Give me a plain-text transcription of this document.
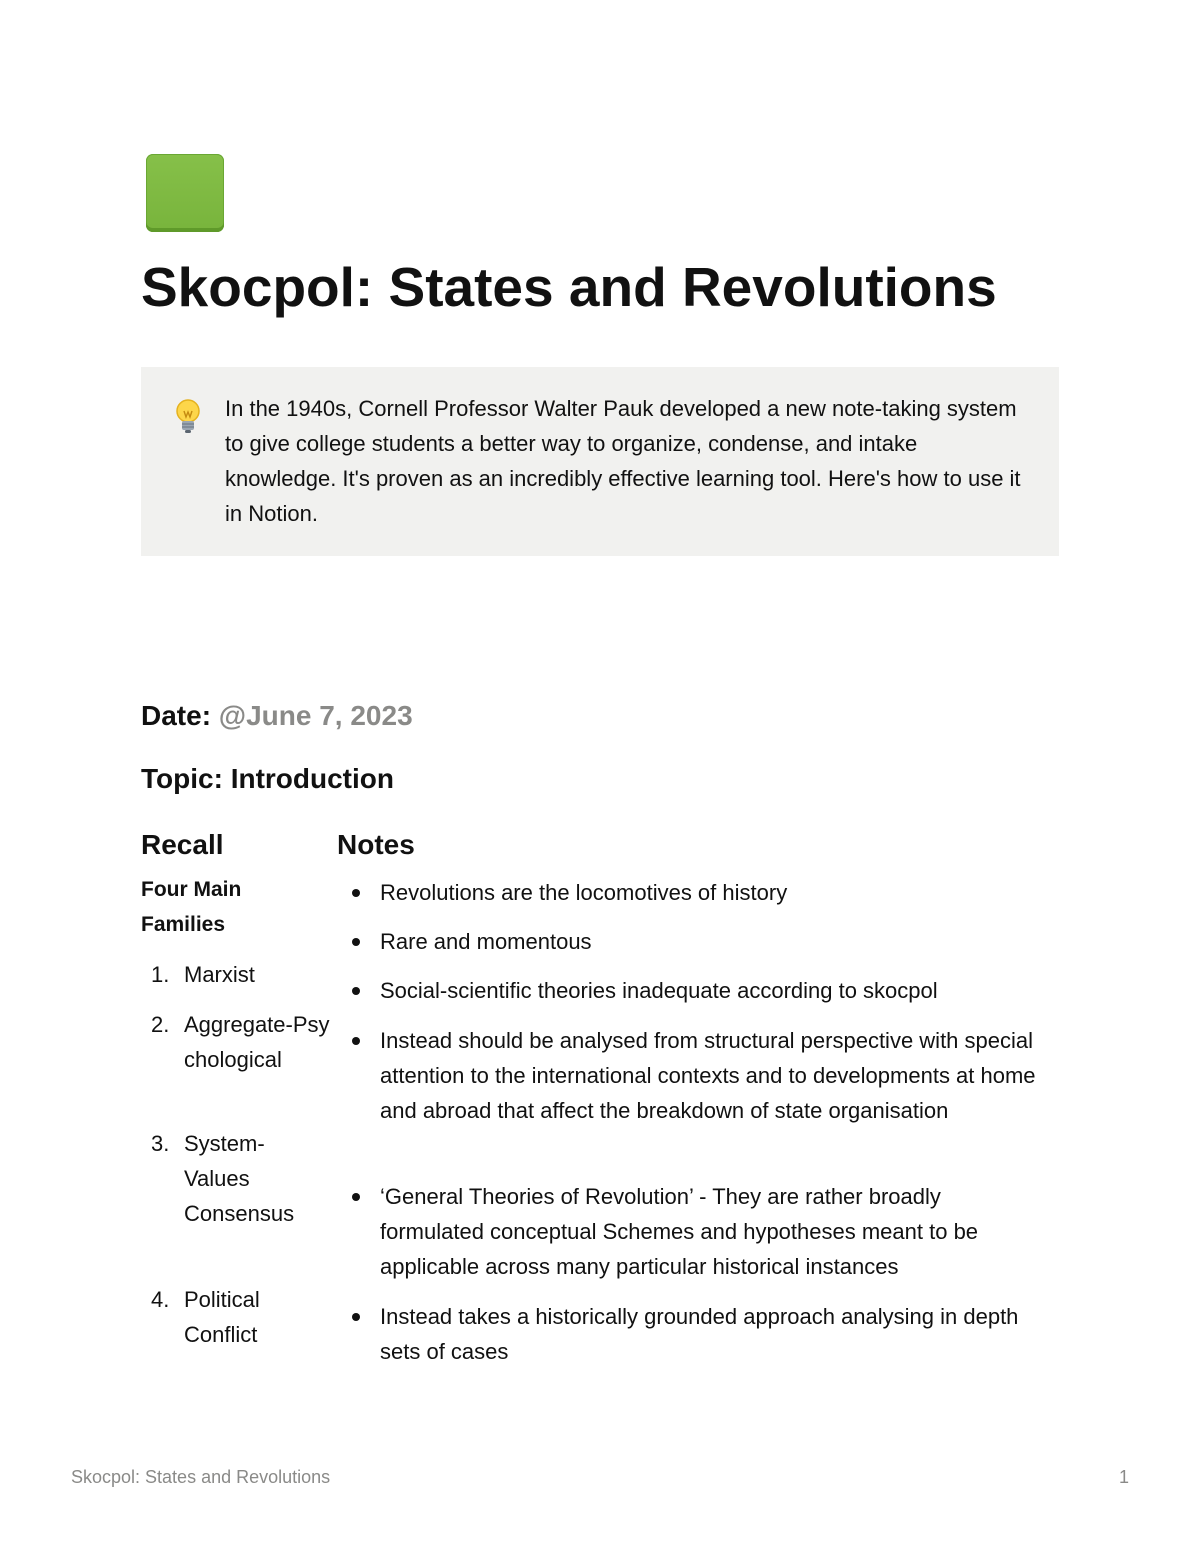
Skocpol: States and Revolutions
In the 1940s, Cornell Professor Walter Pauk developed a new note-taking system to give college students a better way to organize, condense, and intake knowledge. It's proven as an incredibly effective learning tool. Here's how to use it in Notion.
Date: @June 7, 2023
Topic: Introduction
Recall	Notes
Four Main Families
1. Marxist
2. Aggregate-Psychological
3. System-Values Consensus
4. Political Conflict
Revolutions are the locomotives of history
Rare and momentous
Social-scientific theories inadequate according to skocpol
Instead should be analysed from structural perspective with special attention to the international contexts and to developments at home and abroad that affect the breakdown of state organisation
‘General Theories of Revolution’ - They are rather broadly formulated conceptual Schemes and hypotheses meant to be applicable across many particular historical instances
Instead takes a historically grounded approach analysing in depth sets of cases
Skocpol: States and Revolutions	1
